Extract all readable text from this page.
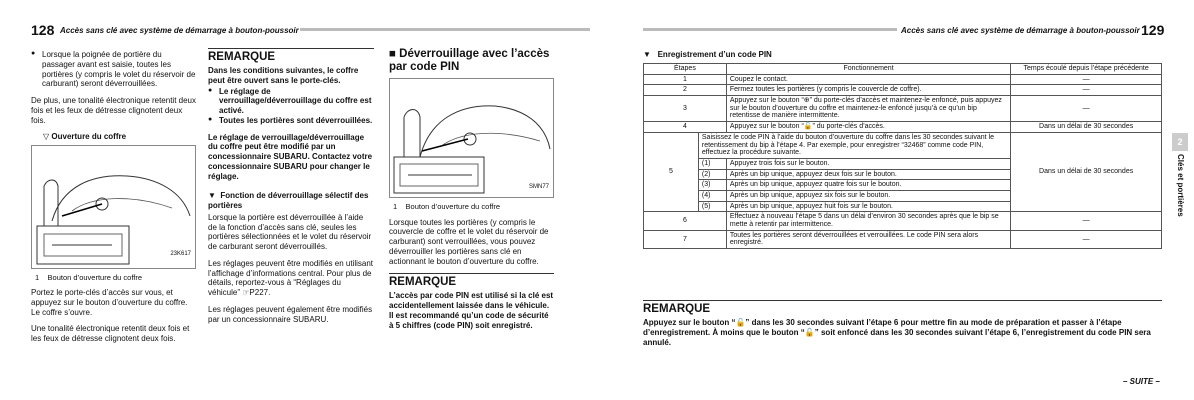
128 Accès sans clé avec système de démarrage à bouton-poussoir
● Lorsque la poignée de portière du passager avant est saisie, toutes les portières (y compris le volet du réservoir de carburant) seront déverrouillées.

De plus, une tonalité électronique retentit deux fois et les feux de détresse clignotent deux fois.

▽ Ouverture du coffre
23K617
1 Bouton d’ouverture du coffre

Portez le porte-clés d’accès sur vous, et appuyez sur le bouton d’ouverture du coffre. Le coffre s’ouvre.

Une tonalité électronique retentit deux fois et les feux de détresse clignotent deux fois.

REMARQUE

Dans les conditions suivantes, le coffre peut être ouvert sans le porte-clés.

● Le réglage de verrouillage/déverrouillage du coffre est activé.
● Toutes les portières sont déverrouillées.

Le réglage de verrouillage/déverrouillage du coffre peut être modifié par un concessionnaire SUBARU. Contactez votre concessionnaire SUBARU pour changer le réglage.

▼ Fonction de déverrouillage sélectif des portières

Lorsque la portière est déverrouillée à l’aide de la fonction d’accès sans clé, seules les portières sélectionnées et le volet du réservoir de carburant seront déverrouillés.

Les réglages peuvent être modifiés en utilisant l’affichage d’informations central. Pour plus de détails, reportez-vous à “Réglages du véhicule” ☞P227.

Les réglages peuvent également être modifiés par un concessionnaire SUBARU.

■ Déverrouillage avec l’accès par code PIN
SMN77
1 Bouton d’ouverture du coffre

Lorsque toutes les portières (y compris le couvercle de coffre et le volet du réservoir de carburant) sont verrouillées, vous pouvez déverrouiller les portières sans clé en actionnant le bouton d’ouverture du coffre.

REMARQUE

L’accès par code PIN est utilisé si la clé est accidentellement laissée dans le véhicule. Il est recommandé qu’un code de sécurité à 5 chiffres (code PIN) soit enregistré.

Accès sans clé avec système de démarrage à bouton-poussoir 129
2
Clés et portières
▼ Enregistrement d’un code PIN
Étapes		Fonctionnement	Temps écoulé depuis l’étape précédente
1		Coupez le contact.	—
2		Fermez toutes les portières (y compris le couvercle de coffre).	—
3		Appuyez sur le bouton “⊕” du porte-clés d’accès et maintenez-le enfoncé, puis appuyez sur le bouton d’ouverture du coffre et maintenez-le enfoncé jusqu’à ce qu’un bip retentisse de manière intermittente.	—
4		Appuyez sur le bouton “🔓” du porte-clés d’accès.	Dans un délai de 30 secondes
5	Saisissez le code PIN à l’aide du bouton d’ouverture du coffre dans les 30 secondes suivant le retentissement du bip à l’étape 4. Par exemple, pour enregistrer “32468” comme code PIN, effectuez la procédure suivante.		Dans un délai de 30 secondes
	(1)	Appuyez trois fois sur le bouton.	
	(2)	Après un bip unique, appuyez deux fois sur le bouton.	
	(3)	Après un bip unique, appuyez quatre fois sur le bouton.	
	(4)	Après un bip unique, appuyez six fois sur le bouton.	
	(5)	Après un bip unique, appuyez huit fois sur le bouton.	
6		Effectuez à nouveau l’étape 5 dans un délai d’environ 30 secondes après que le bip se mette à retentir par intermittence.	—
7		Toutes les portières seront déverrouillées et verrouillées. Le code PIN sera alors enregistré.	—
REMARQUE

Appuyez sur le bouton “🔓” dans les 30 secondes suivant l’étape 6 pour mettre fin au mode de préparation et passer à l’étape d’enregistrement. À moins que le bouton “🔓” soit enfoncé dans les 30 secondes suivant l’étape 6, l’enregistrement du code PIN sera annulé.

– SUITE –
